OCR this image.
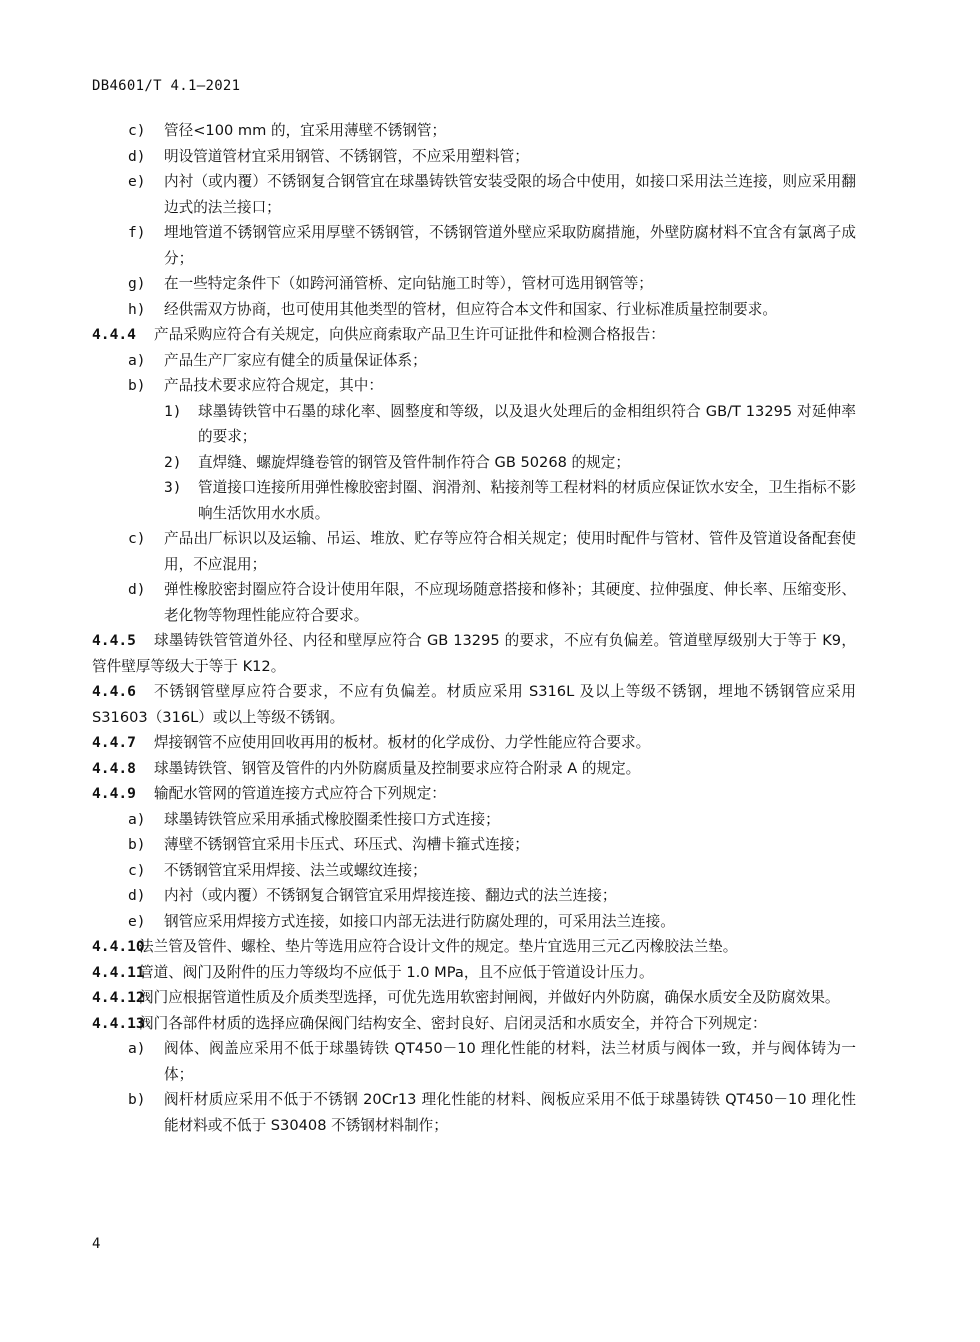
DB4601/T 4.1—2021
c) 管径<100 mm 的，宜采用薄壁不锈钢管；
d) 明设管道管材宜采用钢管、不锈钢管，不应采用塑料管；
e) 内衬（或内覆）不锈钢复合钢管宜在球墨铸铁管安装受限的场合中使用，如接口采用法兰连接，则应采用翻边式的法兰接口；
f) 埋地管道不锈钢管应采用厚壁不锈钢管，不锈钢管道外壁应采取防腐措施，外壁防腐材料不宜含有氯离子成分；
g) 在一些特定条件下（如跨河涌管桥、定向钻施工时等），管材可选用钢管等；
h) 经供需双方协商，也可使用其他类型的管材，但应符合本文件和国家、行业标准质量控制要求。
4.4.4	产品采购应符合有关规定，向供应商索取产品卫生许可证批件和检测合格报告：
a) 产品生产厂家应有健全的质量保证体系；
b) 产品技术要求应符合规定，其中：
1) 球墨铸铁管中石墨的球化率、圆整度和等级，以及退火处理后的金相组织符合 GB/T 13295 对延伸率的要求；
2) 直焊缝、螺旋焊缝卷管的钢管及管件制作符合 GB 50268 的规定；
3) 管道接口连接所用弹性橡胶密封圈、润滑剂、粘接剂等工程材料的材质应保证饮水安全，卫生指标不影响生活饮用水水质。
c) 产品出厂标识以及运输、吊运、堆放、贮存等应符合相关规定；使用时配件与管材、管件及管道设备配套使用，不应混用；
d) 弹性橡胶密封圈应符合设计使用年限，不应现场随意搭接和修补；其硬度、拉伸强度、伸长率、压缩变形、老化物等物理性能应符合要求。
4.4.5	球墨铸铁管管道外径、内径和壁厚应符合 GB 13295 的要求，不应有负偏差。管道壁厚级别大于等于 K9，管件壁厚等级大于等于 K12。
4.4.6	不锈钢管壁厚应符合要求，不应有负偏差。材质应采用 S316L 及以上等级不锈钢，埋地不锈钢管应采用 S31603（316L）或以上等级不锈钢。
4.4.7	焊接钢管不应使用回收再用的板材。板材的化学成份、力学性能应符合要求。
4.4.8	球墨铸铁管、钢管及管件的内外防腐质量及控制要求应符合附录 A 的规定。
4.4.9	输配水管网的管道连接方式应符合下列规定：
a) 球墨铸铁管应采用承插式橡胶圈柔性接口方式连接；
b) 薄壁不锈钢管宜采用卡压式、环压式、沟槽卡箍式连接；
c) 不锈钢管宜采用焊接、法兰或螺纹连接；
d) 内衬（或内覆）不锈钢复合钢管宜采用焊接连接、翻边式的法兰连接；
e) 钢管应采用焊接方式连接，如接口内部无法进行防腐处理的，可采用法兰连接。
4.4.10
法兰管及管件、螺栓、垫片等选用应符合设计文件的规定。垫片宜选用三元乙丙橡胶法兰垫。
4.4.11
管道、阀门及附件的压力等级均不应低于 1.0 MPa，且不应低于管道设计压力。
4.4.12
阀门应根据管道性质及介质类型选择，可优先选用软密封闸阀，并做好内外防腐，确保水质安全及防腐效果。
4.4.13
阀门各部件材质的选择应确保阀门结构安全、密封良好、启闭灵活和水质安全，并符合下列规定：
a) 阀体、阀盖应采用不低于球墨铸铁 QT450－10 理化性能的材料，法兰材质与阀体一致，并与阀体铸为一体；
b) 阀杆材质应采用不低于不锈钢 20Cr13 理化性能的材料、阀板应采用不低于球墨铸铁 QT450－10 理化性能材料或不低于 S30408 不锈钢材料制作；
4
